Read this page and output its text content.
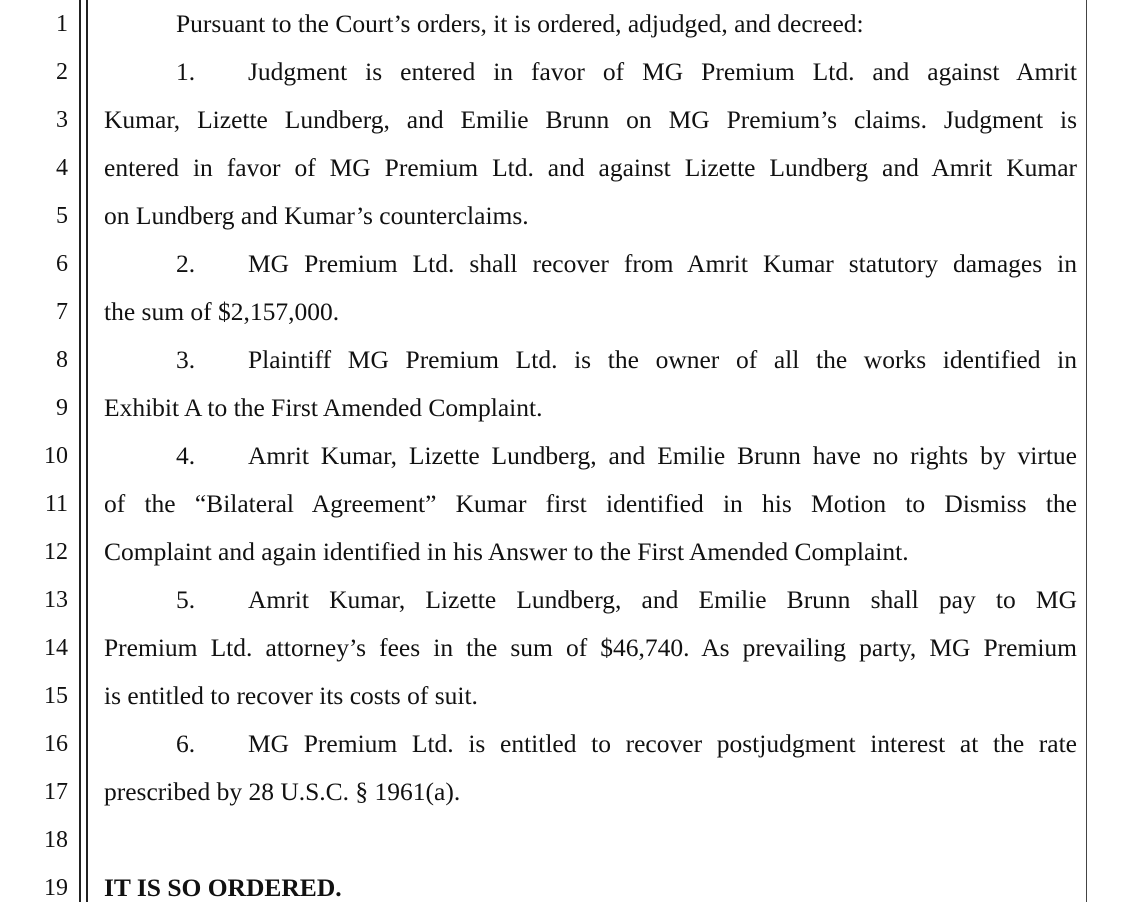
1
2
3
4
5
6
7
8
9
10
11
12
13
14
15
16
17
18
19
Pursuant to the Court’s orders, it is ordered, adjudged, and decreed:
1. Judgment is entered in favor of MG Premium Ltd. and against Amrit
Kumar, Lizette Lundberg, and Emilie Brunn on MG Premium’s claims. Judgment is
entered in favor of MG Premium Ltd. and against Lizette Lundberg and Amrit Kumar
on Lundberg and Kumar’s counterclaims.
2. MG Premium Ltd. shall recover from Amrit Kumar statutory damages in
the sum of $2,157,000.
3. Plaintiff MG Premium Ltd. is the owner of all the works identified in
Exhibit A to the First Amended Complaint.
4. Amrit Kumar, Lizette Lundberg, and Emilie Brunn have no rights by virtue
of the “Bilateral Agreement” Kumar first identified in his Motion to Dismiss the
Complaint and again identified in his Answer to the First Amended Complaint.
5. Amrit Kumar, Lizette Lundberg, and Emilie Brunn shall pay to MG
Premium Ltd. attorney’s fees in the sum of $46,740. As prevailing party, MG Premium
is entitled to recover its costs of suit.
6. MG Premium Ltd. is entitled to recover postjudgment interest at the rate
prescribed by 28 U.S.C. § 1961(a).
IT IS SO ORDERED.
